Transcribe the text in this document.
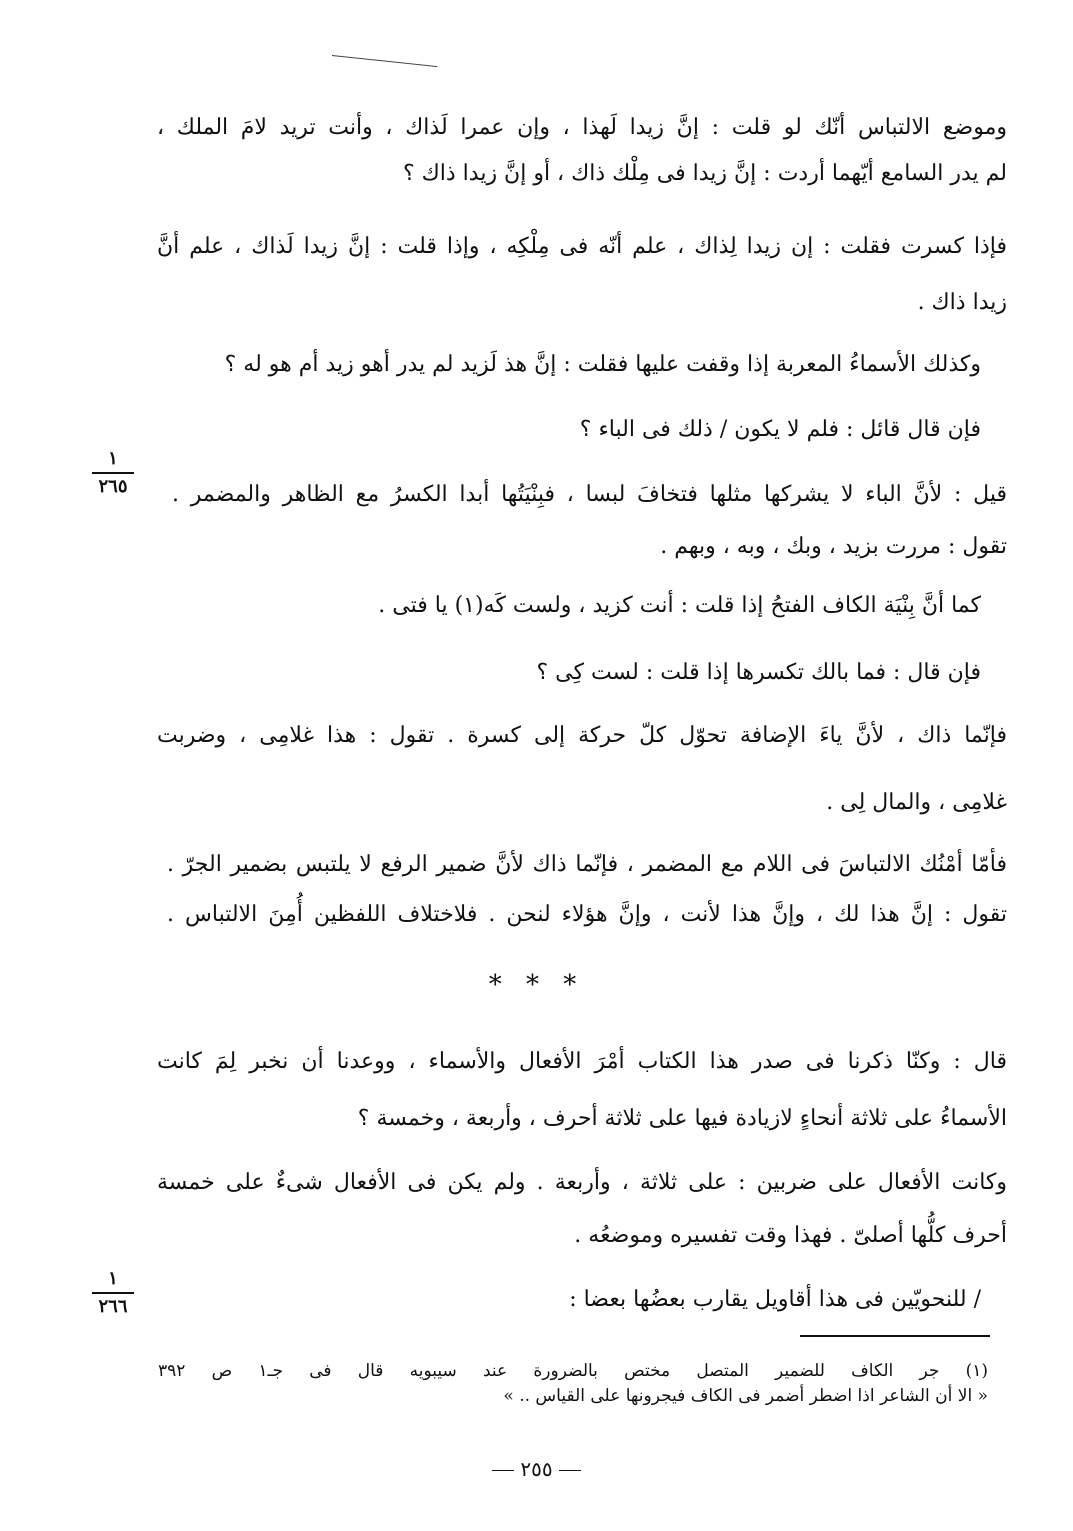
وموضع الالتباس أنّك لو قلت : إنَّ زيدا لَهذا ، وإن عمرا لَذاك ، وأنت تريد لامَ الملك ،
لم يدر السامع أيّهما أردت : إنَّ زيدا فى مِلْك ذاك ، أو إنَّ زيدا ذاك ؟
فإذا كسرت فقلت : إن زيدا لِذاك ، علم أنّه فى مِلْكِه ، وإذا قلت : إنَّ زيدا لَذاك ، علم أنَّ
زيدا ذاك .
وكذلك الأسماءُ المعربة إذا وقفت عليها فقلت : إنَّ هذ لَزيد لم يدر أهو زيد أم هو له ؟
فإن قال قائل : فلم لا يكون / ذلك فى الباء ؟
قيل : لأنَّ الباء لا يشركها مثلها فتخافَ لبسا ، فبِنْيَتُها أبدا الكسرُ مع الظاهر والمضمر .
تقول : مررت بزيد ، وبك ، وبه ، وبهم .
كما أنَّ بِنْيَة الكاف الفتحُ إذا قلت : أنت كزيد ، ولست كَه(١) يا فتى .
فإن قال : فما بالك تكسرها إذا قلت : لست كِى ؟
فإنّما ذاك ، لأنَّ ياءَ الإضافة تحوّل كلّ حركة إلى كسرة . تقول : هذا غلامِى ، وضربت
غلامِى ، والمال لِى .
فأمّا أمْنُك الالتباسَ فى اللام مع المضمر ، فإنّما ذاك لأنَّ ضمير الرفع لا يلتبس بضمير الجرّ .
تقول : إنَّ هذا لك ، وإنَّ هذا لأنت ، وإنَّ هؤلاء لنحن . فلاختلاف اللفظين أُمِنَ الالتباس .
* * *
قال : وكنّا ذكرنا فى صدر هذا الكتاب أمْرَ الأفعال والأسماء ، ووعدنا أن نخبر لِمَ كانت
الأسماءُ على ثلاثة أنحاءٍ لازيادة فيها على ثلاثة أحرف ، وأربعة ، وخمسة ؟
وكانت الأفعال على ضربين : على ثلاثة ، وأربعة . ولم يكن فى الأفعال شىءٌ على خمسة
أحرف كلُّها أصلىّ . فهذا وقت تفسيره وموضعُه .
/ للنحويّين فى هذا أقاويل يقارب بعضُها بعضا :
١
٢٦٥
١
٢٦٦
(١) جر الكاف للضمير المتصل مختص بالضرورة عند سيبويه قال فى جـ١ ص ٣٩٢
« الا أن الشاعر اذا اضطر أضمر فى الكاف فيجرونها على القياس .. »
٢٥٥
